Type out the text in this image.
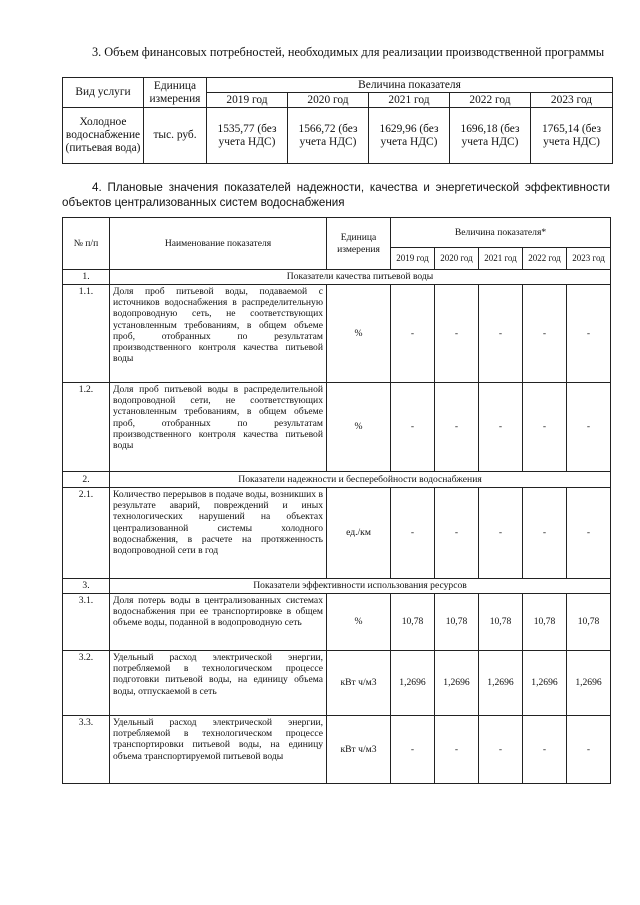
3. Объем финансовых потребностей, необходимых для реализации производственной программы
Вид услуги	Единица измерения	Величина показателя				
		2019 год	2020 год	2021 год	2022 год	2023 год
Холодное водоснабжение (питьевая вода)	тыс. руб.	1535,77 (без учета НДС)	1566,72 (без учета НДС)	1629,96 (без учета НДС)	1696,18 (без учета НДС)	1765,14 (без учета НДС)
4. Плановые значения показателей надежности, качества и энергетической эффективности объектов централизованных систем водоснабжения
№ п/п	Наименование показателя	Единица измерения	Величина показателя*				
			2019 год	2020 год	2021 год	2022 год	2023 год
1.	Показатели качества питьевой воды						
1.1.	Доля проб питьевой воды, подаваемой с источников водоснабжения в распределительную водопроводную сеть, не соответствующих установленным требованиям, в общем объеме проб, отобранных по результатам производственного контроля качества питьевой воды	%	-	-	-	-	-
1.2.	Доля проб питьевой воды в распределительной водопроводной сети, не соответствующих установленным требованиям, в общем объеме проб, отобранных по результатам производственного контроля качества питьевой воды	%	-	-	-	-	-
2.	Показатели надежности и бесперебойности водоснабжения						
2.1.	Количество перерывов в подаче воды, возникших в результате аварий, повреждений и иных технологических нарушений на объектах централизованной системы холодного водоснабжения, в расчете на протяженность водопроводной сети в год	ед./км	-	-	-	-	-
3.	Показатели эффективности использования ресурсов						
3.1.	Доля потерь воды в централизованных системах водоснабжения при ее транспортировке в общем объеме воды, поданной в водопроводную сеть	%	10,78	10,78	10,78	10,78	10,78
3.2.	Удельный расход электрической энергии, потребляемой в технологическом процессе подготовки питьевой воды, на единицу объема воды, отпускаемой в сеть	кВт ч/м3	1,2696	1,2696	1,2696	1,2696	1,2696
3.3.	Удельный расход электрической энергии, потребляемой в технологическом процессе транспортировки питьевой воды, на единицу объема транспортируемой питьевой воды	кВт ч/м3	-	-	-	-	-
